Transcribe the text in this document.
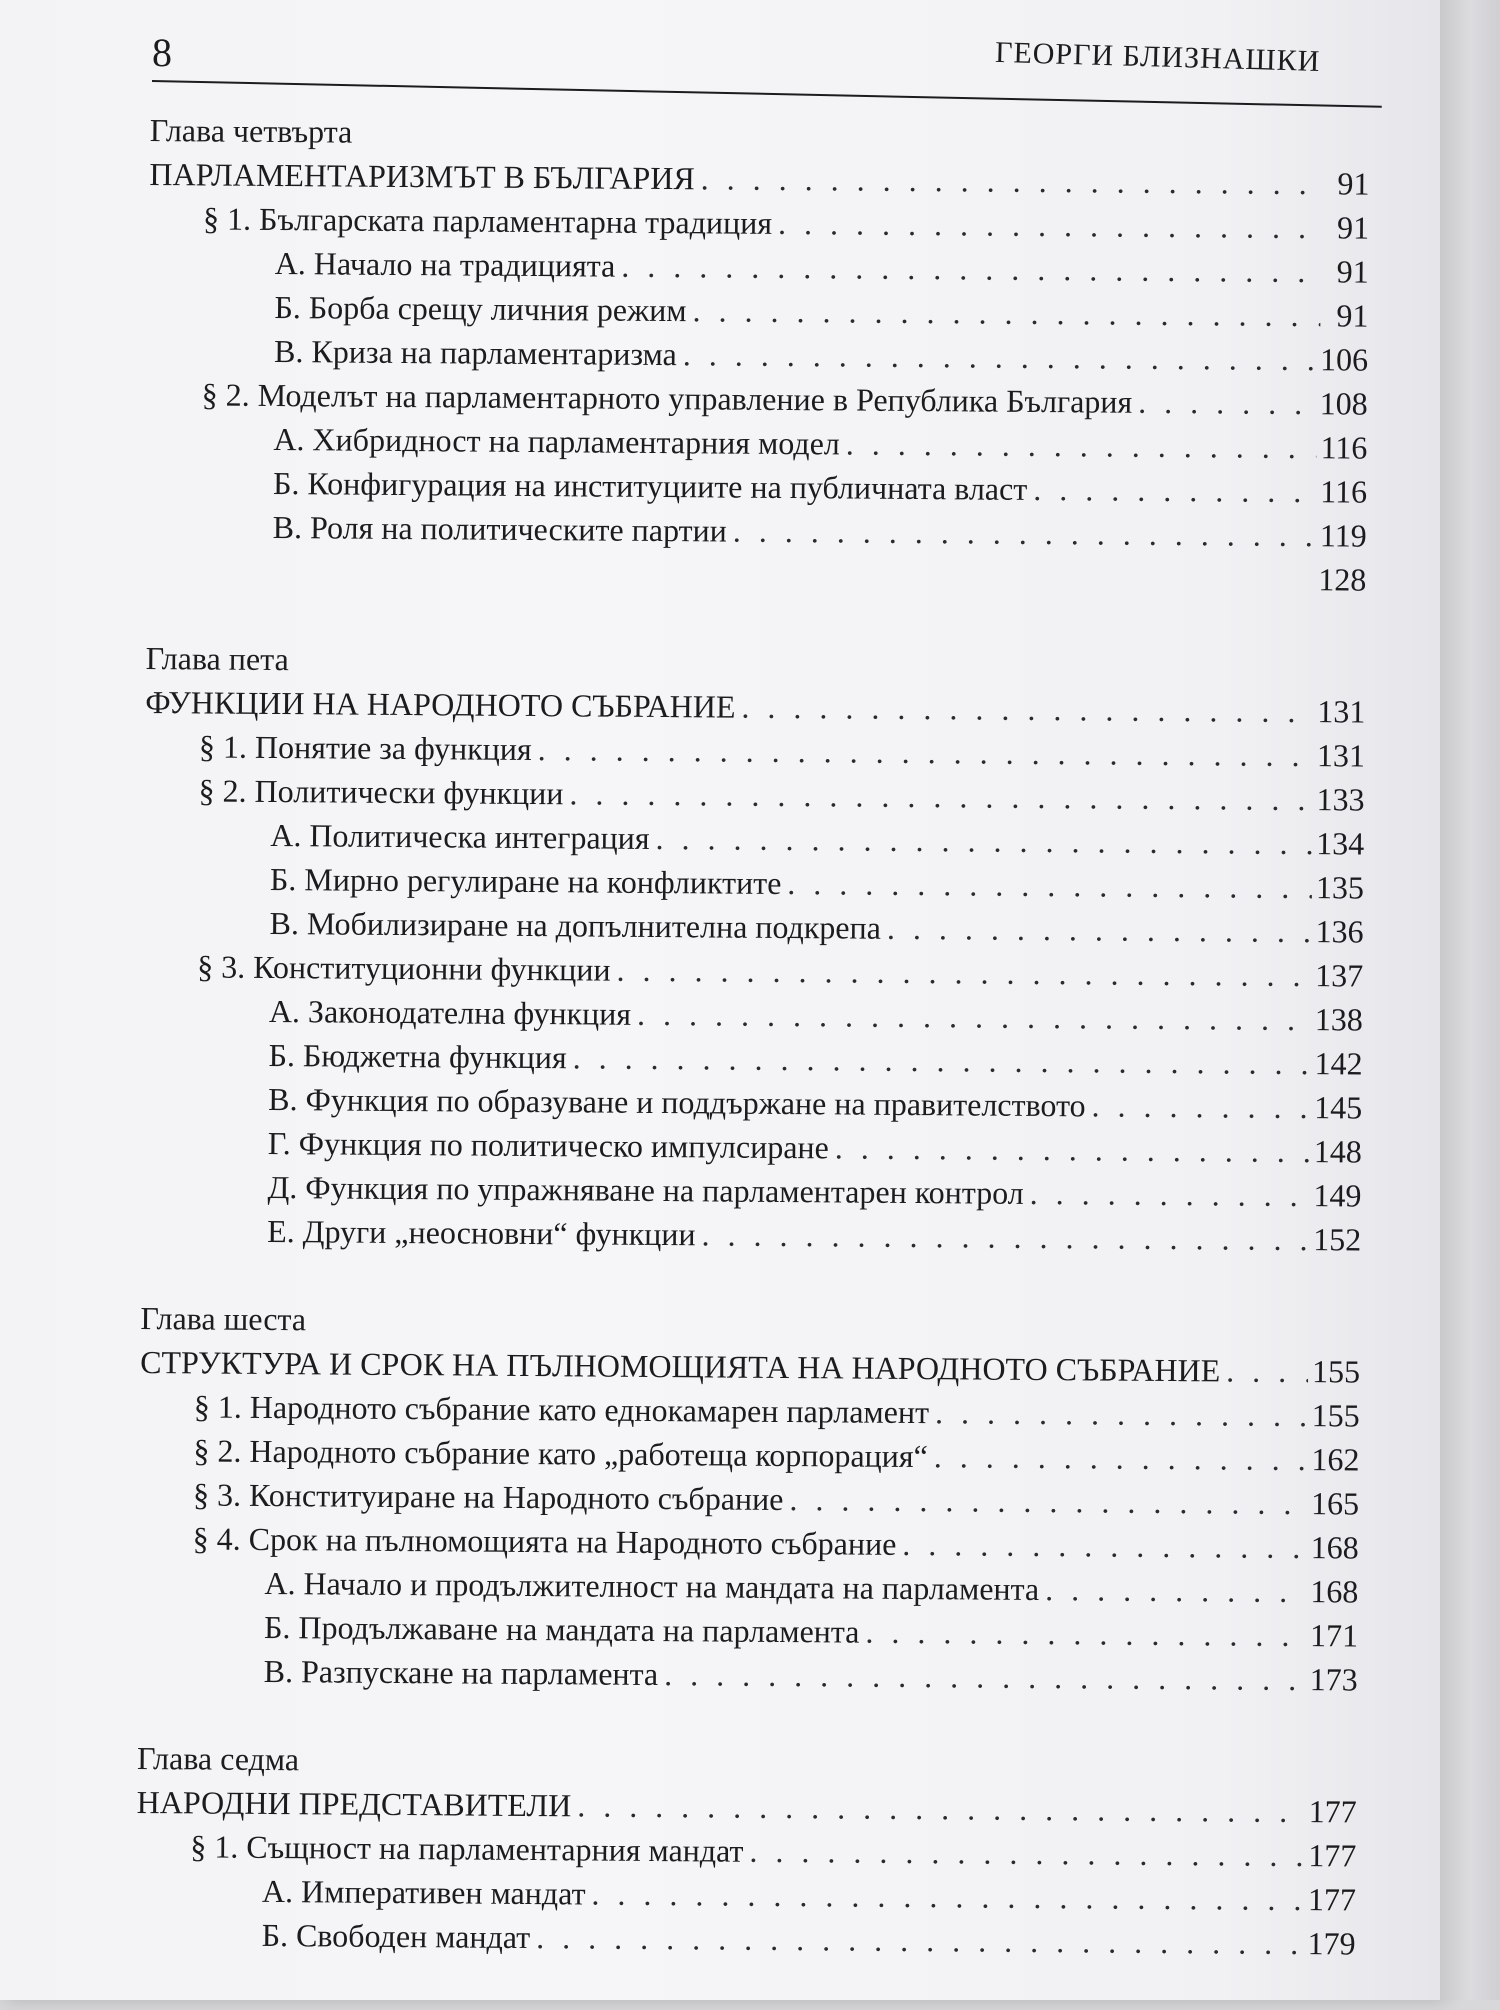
8	ГЕОРГИ БЛИЗНАШКИ
Глава четвърта
ПАРЛАМЕНТАРИЗМЪТ В БЪЛГАРИЯ . . .	91
§ 1. Българската парламентарна традиция . . .	91
А. Начало на традицията . . .	91
Б. Борба срещу личния режим . . .	91
В. Криза на парламентаризма . . .	106
§ 2. Моделът на парламентарното управление в Република България . . .	108
А. Хибридност на парламентарния модел . . .	116
Б. Конфигурация на институциите на публичната власт . . .	116
В. Роля на политическите партии . . .	119
128
Глава пета
ФУНКЦИИ НА НАРОДНОТО СЪБРАНИЕ . . .	131
§ 1. Понятие за функция . . .	131
§ 2. Политически функции . . .	133
А. Политическа интеграция . . .	134
Б. Мирно регулиране на конфликтите . . .	135
В. Мобилизиране на допълнителна подкрепа . . .	136
§ 3. Конституционни функции . . .	137
А. Законодателна функция . . .	138
Б. Бюджетна функция . . .	142
В. Функция по образуване и поддържане на правителството . . .	145
Г. Функция по политическо импулсиране . . .	148
Д. Функция по упражняване на парламентарен контрол . . .	149
Е. Други „неосновни“ функции . . .	152
Глава шеста
СТРУКТУРА И СРОК НА ПЪЛНОМОЩИЯТА НА НАРОДНОТО СЪБРАНИЕ . . .	155
§ 1. Народното събрание като еднокамарен парламент . . .	155
§ 2. Народното събрание като „работеща корпорация“ . . .	162
§ 3. Конституиране на Народното събрание . . .	165
§ 4. Срок на пълномощията на Народното събрание . . .	168
А. Начало и продължителност на мандата на парламента . . .	168
Б. Продължаване на мандата на парламента . . .	171
В. Разпускане на парламента . . .	173
Глава седма
НАРОДНИ ПРЕДСТАВИТЕЛИ . . .	177
§ 1. Същност на парламентарния мандат . . .	177
А. Императивен мандат . . .	177
Б. Свободен мандат . . .	179
